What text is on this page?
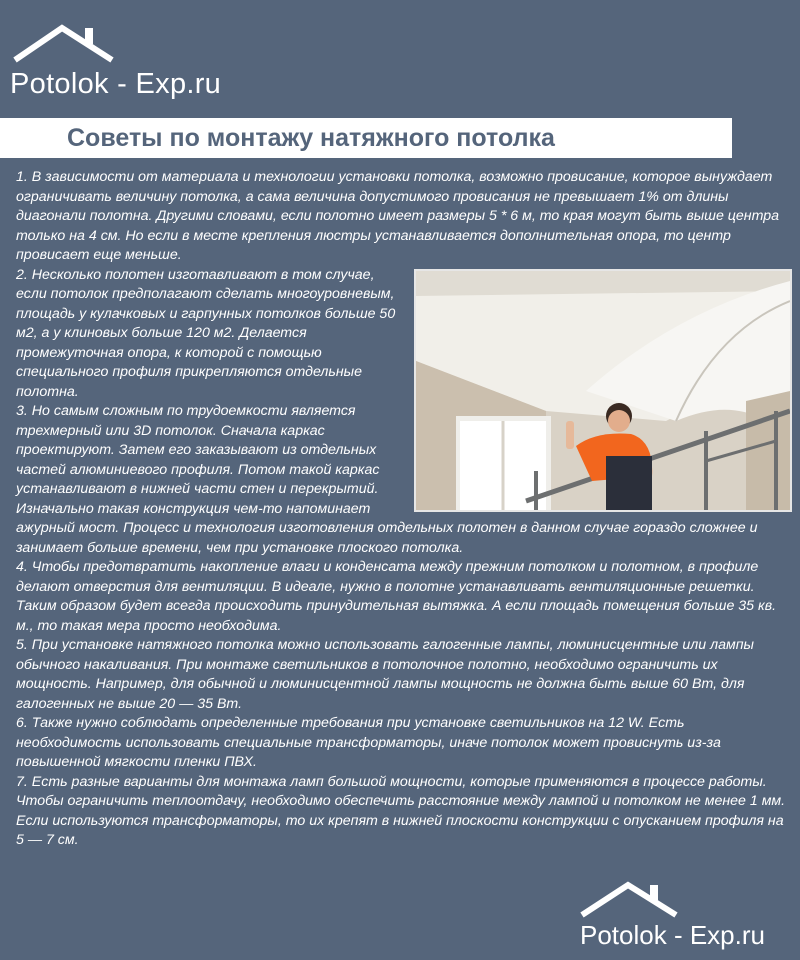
Potolok - Exp.ru
Советы по монтажу натяжного потолка

1. В зависимости от материала и технологии установки потолка, возможно провисание, которое вынуждает ограничивать величину потолка, а сама величина допустимого провисания не превышает 1% от длины диагонали полотна. Другими словами, если полотно имеет размеры 5 * 6 м, то края могут быть выше центра только на 4 см. Но если в месте крепления люстры устанавливается дополнительная опора, то центр провисает еще меньше.

2. Несколько полотен изготавливают в том случае, если потолок предполагают сделать многоуровневым, площадь у кулачковых и гарпунных потолков больше 50 м2, а у клиновых больше 120 м2. Делается промежуточная опора, к которой с помощью специального профиля прикрепляются отдельные полотна.

3. Но самым сложным по трудоемкости является трехмерный или 3D потолок. Сначала каркас проектируют. Затем его заказывают из отдельных частей алюминиевого профиля. Потом такой каркас устанавливают в нижней части стен и перекрытий. Изначально такая конструкция чем-то напоминает ажурный мост. Процесс и технология изготовления отдельных полотен в данном случае гораздо сложнее и занимает больше времени, чем при установке плоского потолка.

4. Чтобы предотвратить накопление влаги и конденсата между прежним потолком и полотном, в профиле делают отверстия для вентиляции. В идеале, нужно в полотне устанавливать вентиляционные решетки. Таким образом будет всегда происходить принудительная вытяжка. А если площадь помещения больше 35 кв. м., то такая мера просто необходима.

5. При установке натяжного потолка можно использовать галогенные лампы, люминисцентные или лампы обычного накаливания. При монтаже светильников в потолочное полотно, необходимо ограничить их мощность. Например, для обычной и люминисцентной лампы мощность не должна быть выше 60 Вт, для галогенных не выше 20 — 35 Вт.

6. Также нужно соблюдать определенные требования при установке светильников на 12 W. Есть необходимость использовать специальные трансформаторы, иначе потолок может провиснуть из-за повышенной мягкости пленки ПВХ.

7. Есть разные варианты для монтажа ламп большой мощности, которые применяются в процессе работы. Чтобы ограничить теплоотдачу, необходимо обеспечить расстояние между лампой и потолком не менее 1 мм. Если используются трансформаторы, то их крепят в нижней плоскости конструкции с опусканием профиля на 5 — 7 см.

Potolok - Exp.ru
